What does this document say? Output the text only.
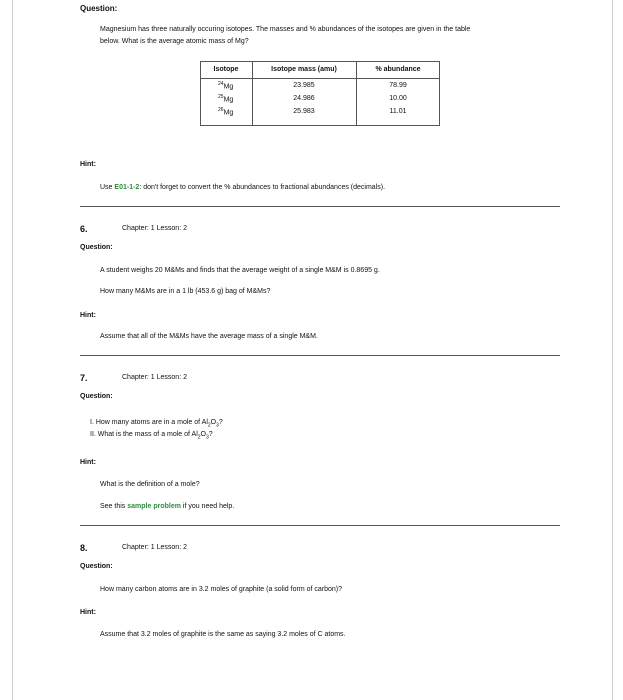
Question:
Magnesium has three naturally occuring isotopes. The masses and % abundances of the isotopes are given in the table
below. What is the average atomic mass of Mg?
Isotope	Isotope mass (amu)	% abundance
$^{24}$Mg	23.985	78.99
$^{25}$Mg	24.986	10.00
$^{26}$Mg	25.983	11.01
Hint:
Use E01-1-2: don't forget to convert the % abundances to fractional abundances (decimals).
6.	Chapter: 1 Lesson: 2
Question:
A student weighs 20 M&Ms and finds that the average weight of a single M&M is 0.8695 g.
How many M&Ms are in a 1 lb (453.6 g) bag of M&Ms?
Hint:
Assume that all of the M&Ms have the average mass of a single M&M.
7.	Chapter: 1 Lesson: 2
Question:
I. How many atoms are in a mole of $Al_2O_3$?
II. What is the mass of a mole of $Al_2O_3$?
Hint:
What is the definition of a mole?
See this sample problem if you need help.
8.	Chapter: 1 Lesson: 2
Question:
How many carbon atoms are in 3.2 moles of graphite (a solid form of carbon)?
Hint:
Assume that 3.2 moles of graphite is the same as saying 3.2 moles of C atoms.
